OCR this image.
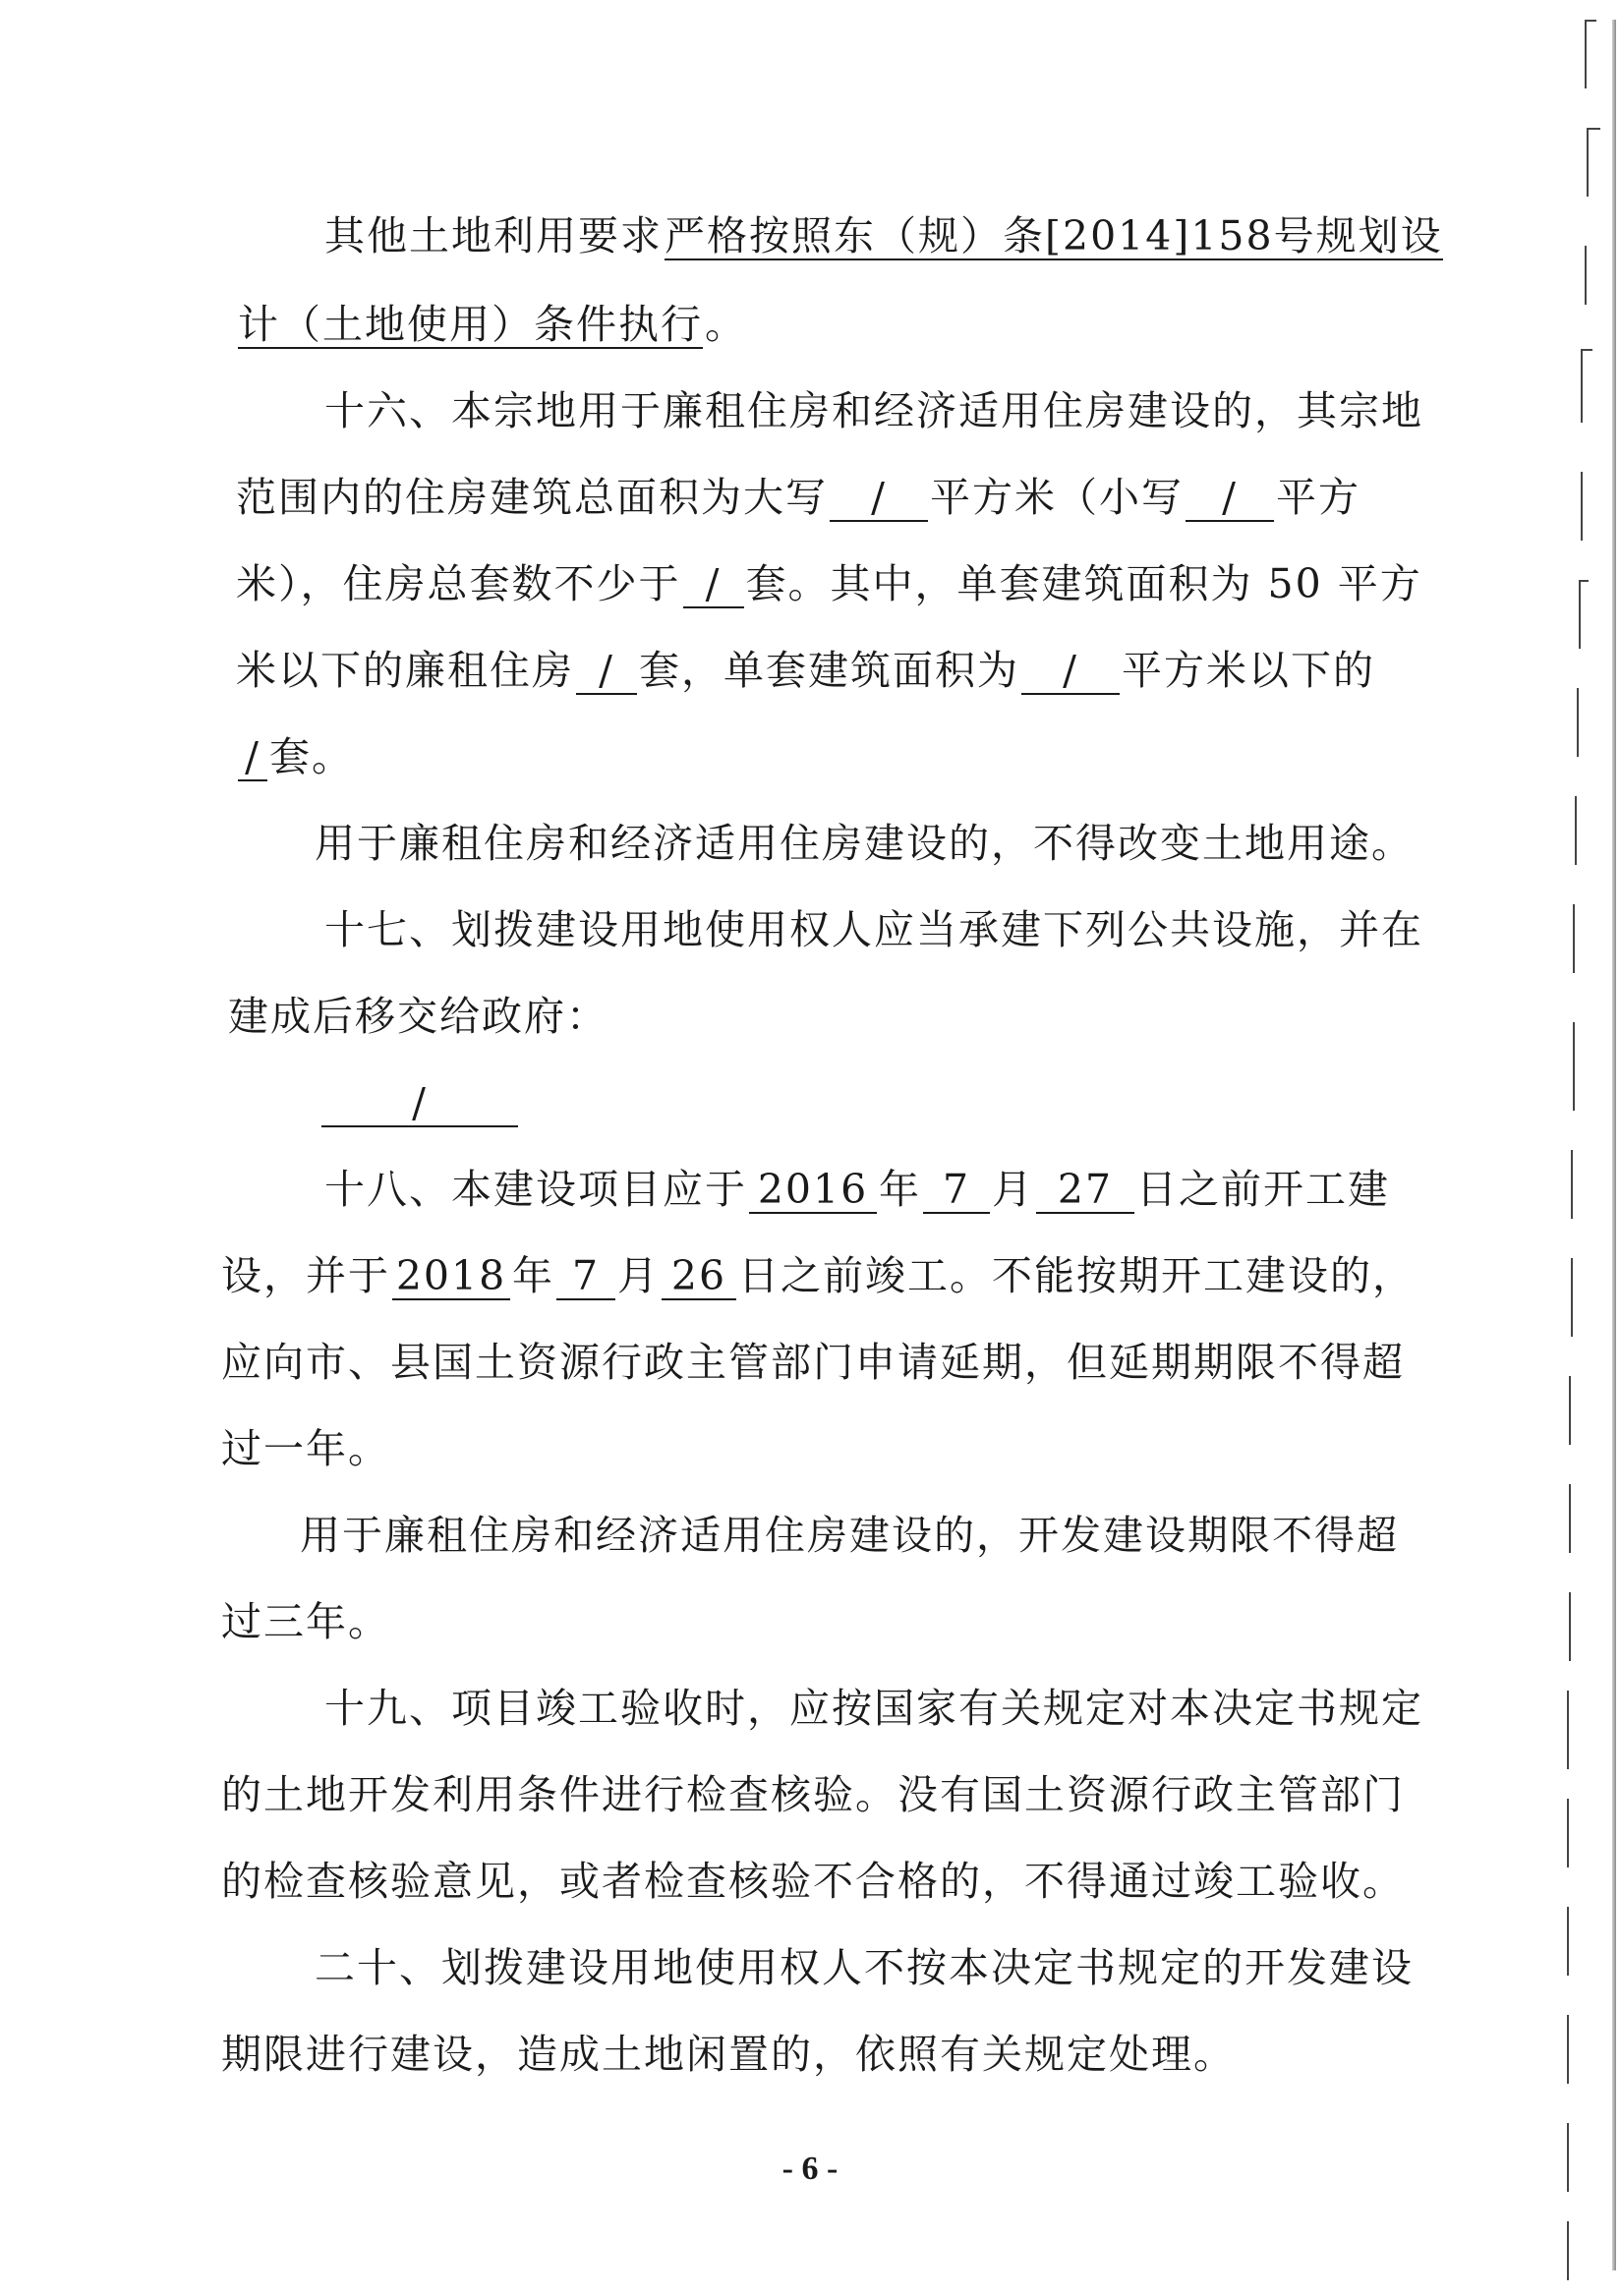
其他土地利用要求严格按照东（规）条[2014]158号规划设
计（土地使用）条件执行。
十六、本宗地用于廉租住房和经济适用住房建设的，其宗地
范围内的住房建筑总面积为大写 / 平方米（小写 / 平方
米），住房总套数不少于 / 套。其中，单套建筑面积为 50 平方
米以下的廉租住房 / 套，单套建筑面积为 / 平方米以下的
/ 套。
用于廉租住房和经济适用住房建设的，不得改变土地用途。
十七、划拨建设用地使用权人应当承建下列公共设施，并在
建成后移交给政府：
/
十八、本建设项目应于 2016 年 7 月 27 日之前开工建
设，并于 2018 年 7 月 26 日之前竣工。不能按期开工建设的，
应向市、县国土资源行政主管部门申请延期，但延期期限不得超
过一年。
用于廉租住房和经济适用住房建设的，开发建设期限不得超
过三年。
十九、项目竣工验收时，应按国家有关规定对本决定书规定
的土地开发利用条件进行检查核验。没有国土资源行政主管部门
的检查核验意见，或者检查核验不合格的，不得通过竣工验收。
二十、划拨建设用地使用权人不按本决定书规定的开发建设
期限进行建设，造成土地闲置的，依照有关规定处理。
- 6 -
